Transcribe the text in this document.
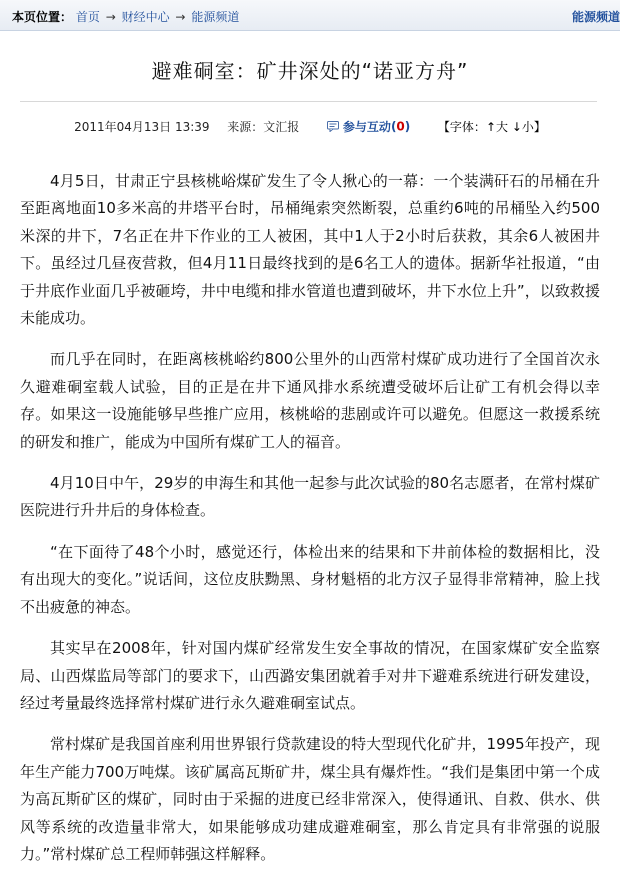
本页位置： 首页 → 财经中心 → 能源频道	能源频道
避难硐室：矿井深处的“诺亚方舟”
2011年04月13日 13:39 来源：文汇报	参与互动(0) 【字体：↑大 ↓小】

4月5日，甘肃正宁县核桃峪煤矿发生了令人揪心的一幕：一个装满矸石的吊桶在升至距离地面10多米高的井塔平台时，吊桶绳索突然断裂，总重约6吨的吊桶坠入约500米深的井下，7名正在井下作业的工人被困，其中1人于2小时后获救，其余6人被困井下。虽经过几昼夜营救，但4月11日最终找到的是6名工人的遗体。据新华社报道，“由于井底作业面几乎被砸垮，井中电缆和排水管道也遭到破坏，井下水位上升”，以致救援未能成功。

而几乎在同时，在距离核桃峪约800公里外的山西常村煤矿成功进行了全国首次永久避难硐室载人试验，目的正是在井下通风排水系统遭受破坏后让矿工有机会得以幸存。如果这一设施能够早些推广应用，核桃峪的悲剧或许可以避免。但愿这一救援系统的研发和推广，能成为中国所有煤矿工人的福音。

4月10日中午，29岁的申海生和其他一起参与此次试验的80名志愿者，在常村煤矿医院进行升井后的身体检查。

“在下面待了48个小时，感觉还行，体检出来的结果和下井前体检的数据相比，没有出现大的变化。”说话间，这位皮肤黝黑、身材魁梧的北方汉子显得非常精神，脸上找不出疲惫的神态。

其实早在2008年，针对国内煤矿经常发生安全事故的情况，在国家煤矿安全监察局、山西煤监局等部门的要求下，山西潞安集团就着手对井下避难系统进行研发建设，经过考量最终选择常村煤矿进行永久避难硐室试点。

常村煤矿是我国首座利用世界银行贷款建设的特大型现代化矿井，1995年投产，现年生产能力700万吨煤。该矿属高瓦斯矿井，煤尘具有爆炸性。“我们是集团中第一个成为高瓦斯矿区的煤矿，同时由于采掘的进度已经非常深入，使得通讯、自救、供水、供风等系统的改造量非常大，如果能够成功建成避难硐室，那么肯定具有非常强的说服力。”常村煤矿总工程师韩强这样解释。
